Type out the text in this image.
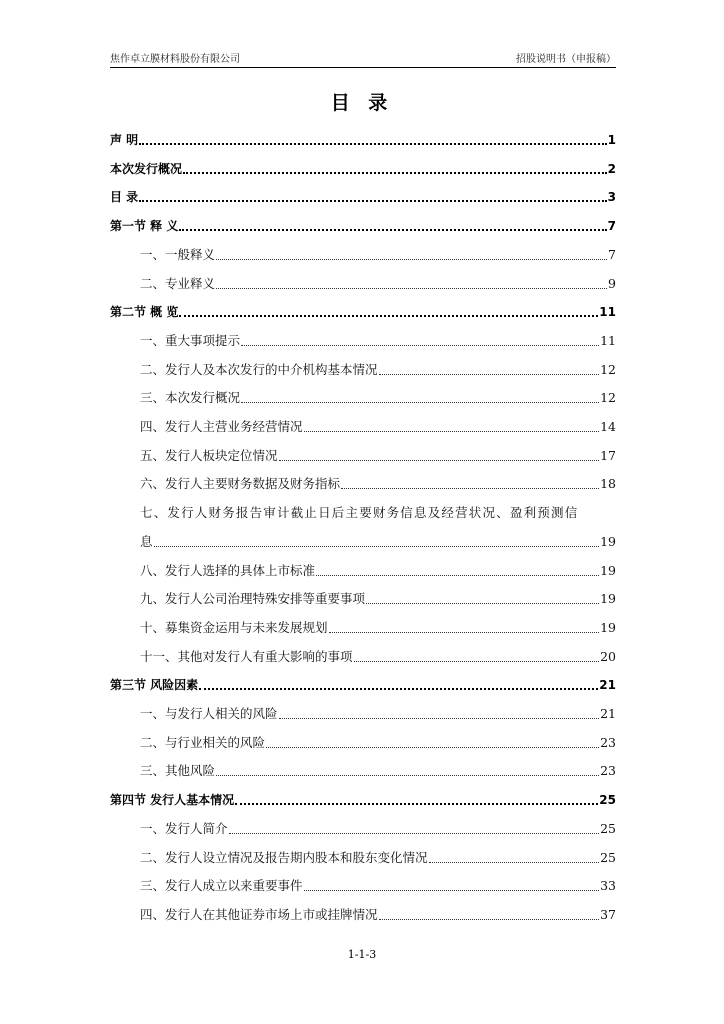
焦作卓立膜材料股份有限公司	招股说明书（申报稿）
目 录
声 明	1
本次发行概况	2
目 录	3
第一节 释 义	7
一、一般释义	7
二、专业释义	9
第二节 概 览	11
一、重大事项提示	11
二、发行人及本次发行的中介机构基本情况	12
三、本次发行概况	12
四、发行人主营业务经营情况	14
五、发行人板块定位情况	17
六、发行人主要财务数据及财务指标	18
七、发行人财务报告审计截止日后主要财务信息及经营状况、盈利预测信
息	19
八、发行人选择的具体上市标准	19
九、发行人公司治理特殊安排等重要事项	19
十、募集资金运用与未来发展规划	19
十一、其他对发行人有重大影响的事项	20
第三节 风险因素	21
一、与发行人相关的风险	21
二、与行业相关的风险	23
三、其他风险	23
第四节 发行人基本情况	25
一、发行人简介	25
二、发行人设立情况及报告期内股本和股东变化情况	25
三、发行人成立以来重要事件	33
四、发行人在其他证券市场上市或挂牌情况	37
1-1-3
